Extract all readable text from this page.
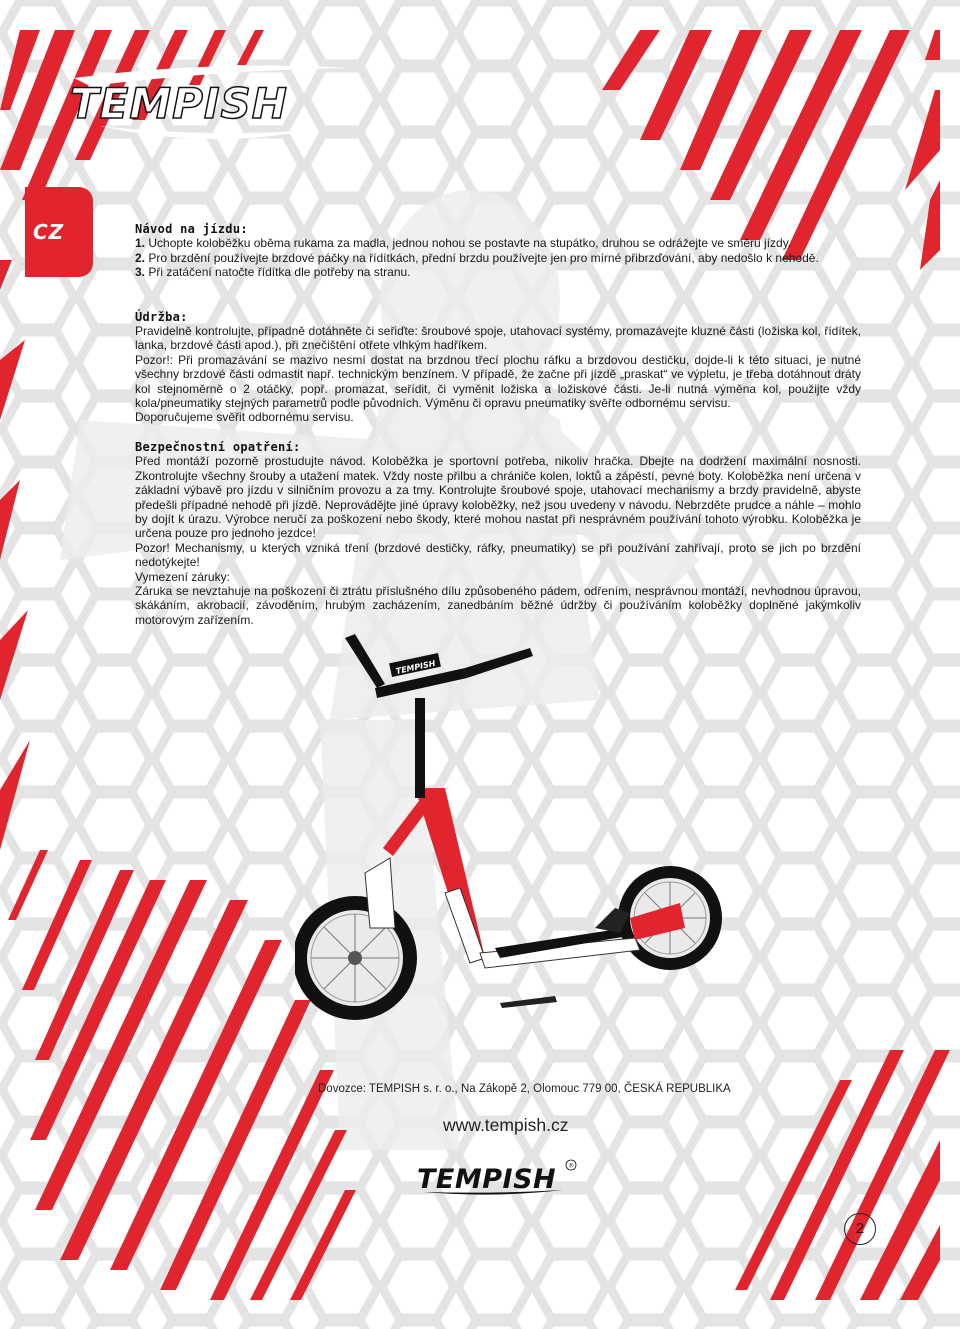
TEMPISH
CZ	Návod na jízdu:

1. Uchopte koloběžku oběma rukama za madla, jednou nohou se postavte na stupátko, druhou se odrážejte ve směru jízdy.

2. Pro brzdění používejte brzdové páčky na řídítkách, přední brzdu používejte jen pro mírné přibrzďování, aby nedošlo k nehodě.

3. Při zatáčení natočte řídítka dle potřeby na stranu.

Údržba:

Pravidelně kontrolujte, případně dotáhněte či seřiďte: šroubové spoje, utahovací systémy, promazávejte kluzné části (ložiska kol, řídítek, lanka, brzdové části apod.), při znečištění otřete vlhkým hadříkem.

Pozor!: Při promazávání se mazivo nesmí dostat na brzdnou třecí plochu ráfku a brzdovou destičku, dojde-li k této situaci, je nutné všechny brzdové části odmastit např. technickým benzínem. V případě, že začne při jízdě „praskat“ ve výpletu, je třeba dotáhnout dráty kol stejnoměrně o 2 otáčky, popř. promazat, seřídit, či vyměnit ložiska a ložiskové části. Je-li nutná výměna kol, použijte vždy kola/pneumatiky stejných parametrů podle původních. Výměnu či opravu pneumatiky svěřte odbornému servisu.

Doporučujeme svěřit odbornému servisu.

Bezpečnostní opatření:

Před montáží pozorně prostudujte návod. Koloběžka je sportovní potřeba, nikoliv hračka. Dbejte na dodržení maximální nosnosti. Zkontrolujte všechny šrouby a utažení matek. Vždy noste přilbu a chrániče kolen, loktů a zápěstí, pevné boty. Koloběžka není určena v základní výbavě pro jízdu v silničním provozu a za tmy. Kontrolujte šroubové spoje, utahovací mechanismy a brzdy pravidelně, abyste předešli případné nehodě při jízdě. Neprovádějte jiné úpravy koloběžky, než jsou uvedeny v návodu. Nebrzděte prudce a náhle – mohlo by dojít k úrazu. Výrobce neručí za poškození nebo škody, které mohou nastat při nesprávném používání tohoto výrobku. Koloběžka je určena pouze pro jednoho jezdce!

Pozor! Mechanismy, u kterých vzniká tření (brzdové destičky, ráfky, pneumatiky) se při používání zahřívají, proto se jich po brzdění nedotýkejte!

Vymezení záruky:

Záruka se nevztahuje na poškození či ztrátu příslušného dílu způsobeného pádem, odřením, nesprávnou montáží, nevhodnou úpravou, skákáním, akrobacií, závoděním, hrubým zacházením, zanedbáním běžné údržby či používáním koloběžky doplněné jakýmkoliv motorovým zařízením.

TEMPISH
Dovozce: TEMPISH s. r. o., Na Zákopě 2, Olomouc 779 00, ČESKÁ REPUBLIKA
www.tempish.cz
TEMPISH ®
2
